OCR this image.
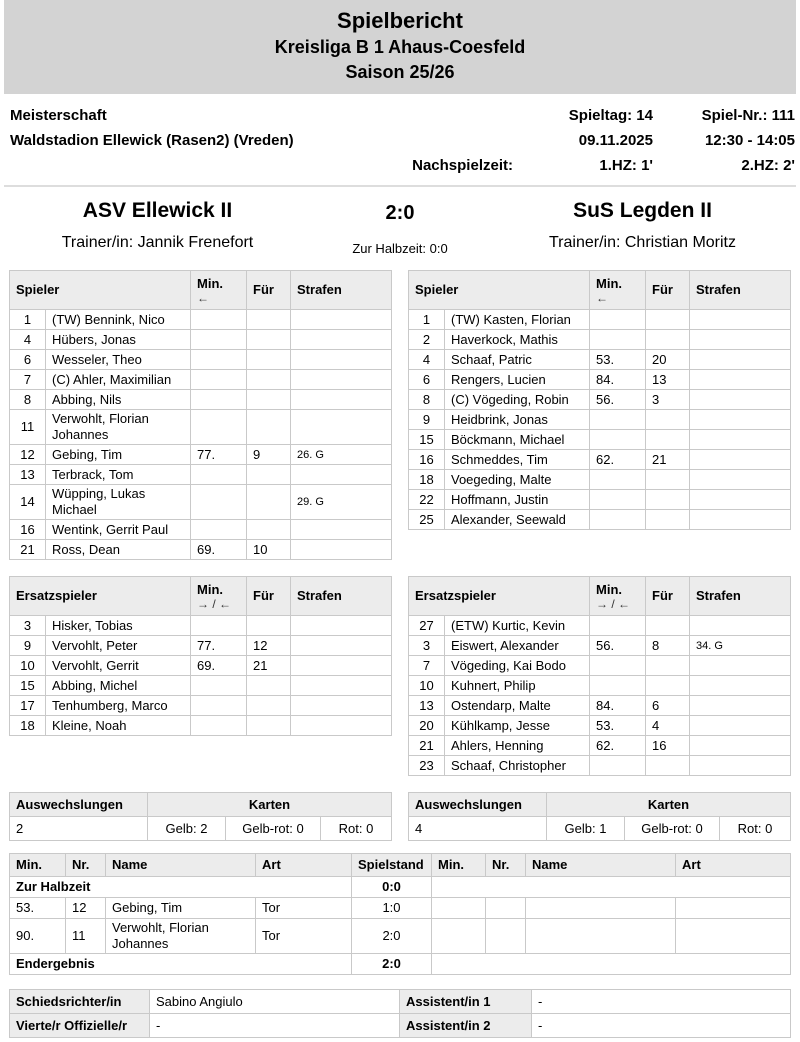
Spielbericht
Kreisliga B 1 Ahaus-Coesfeld
Saison 25/26
Meisterschaft
Waldstadion Ellewick (Rasen2) (Vreden)
Spieltag: 14	Spiel-Nr.: 111
09.11.2025	12:30 - 14:05
Nachspielzeit:	1.HZ: 1'	2.HZ: 2'
ASV Ellewick II
Trainer/in: Jannik Frenefort
2:0
Zur Halbzeit: 0:0
SuS Legden II
Trainer/in: Christian Moritz
Spieler		Min.
←	Für	Strafen
1	(TW) Bennink, Nico			
4	Hübers, Jonas			
6	Wesseler, Theo			
7	(C) Ahler, Maximilian			
8	Abbing, Nils			
11	Verwohlt, Florian Johannes			
12	Gebing, Tim	77.	9	26. G
13	Terbrack, Tom			
14	Wüpping, Lukas Michael			29. G
16	Wentink, Gerrit Paul			
21	Ross, Dean	69.	10	
Spieler		Min.
←	Für	Strafen
1	(TW) Kasten, Florian			
2	Haverkock, Mathis			
4	Schaaf, Patric	53.	20	
6	Rengers, Lucien	84.	13	
8	(C) Vögeding, Robin	56.	3	
9	Heidbrink, Jonas			
15	Böckmann, Michael			
16	Schmeddes, Tim	62.	21	
18	Voegeding, Malte			
22	Hoffmann, Justin			
25	Alexander, Seewald			
Ersatzspieler		Min.
→ / ←	Für	Strafen
3	Hisker, Tobias			
9	Vervohlt, Peter	77.	12	
10	Vervohlt, Gerrit	69.	21	
15	Abbing, Michel			
17	Tenhumberg, Marco			
18	Kleine, Noah			
Ersatzspieler		Min.
→ / ←	Für	Strafen
27	(ETW) Kurtic, Kevin			
3	Eiswert, Alexander	56.	8	34. G
7	Vögeding, Kai Bodo			
10	Kuhnert, Philip			
13	Ostendarp, Malte	84.	6	
20	Kühlkamp, Jesse	53.	4	
21	Ahlers, Henning	62.	16	
23	Schaaf, Christopher			
Auswechslungen	Karten		
2	Gelb: 2	Gelb-rot: 0	Rot: 0
Auswechslungen	Karten		
4	Gelb: 1	Gelb-rot: 0	Rot: 0
Min.	Nr.	Name	Art	Spielstand	Min.	Nr.	Name	Art
Zur Halbzeit				0:0				
53.	12	Gebing, Tim	Tor	1:0				
90.	11	Verwohlt, Florian Johannes	Tor	2:0				
Endergebnis				2:0				
Schiedsrichter/in	Sabino Angiulo	Assistent/in 1	-
Vierte/r Offizielle/r	-	Assistent/in 2	-
